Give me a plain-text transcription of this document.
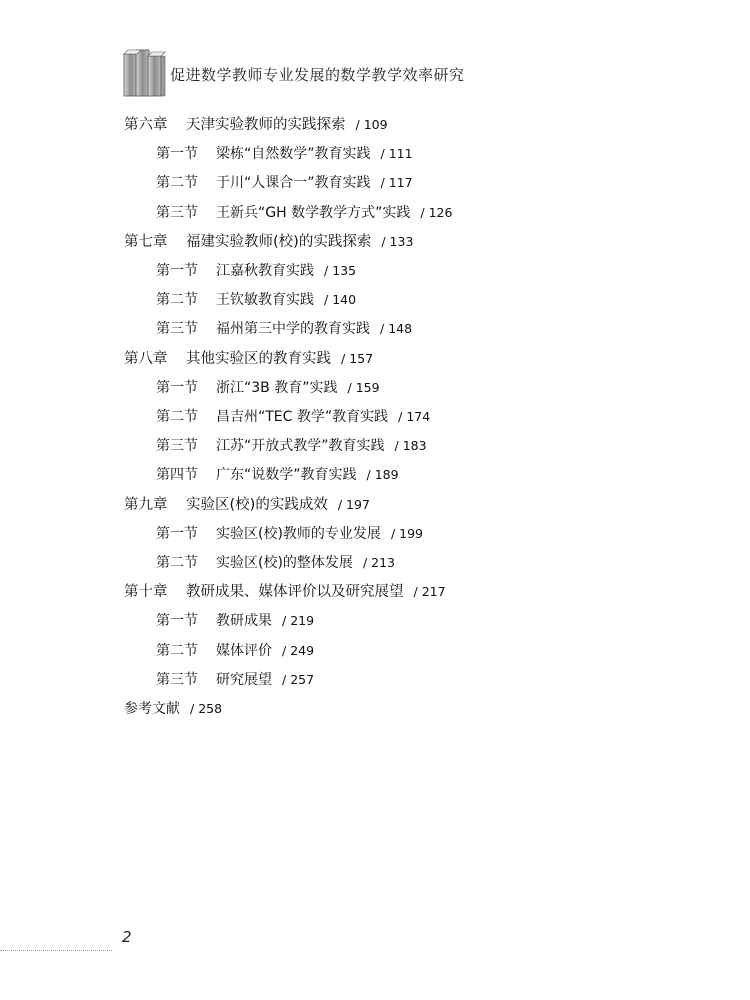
促进数学教师专业发展的数学教学效率研究
第六章 天津实验教师的实践探索 / 109
第一节 梁栋“自然数学”教育实践 / 111
第二节 于川“人课合一”教育实践 / 117
第三节 王新兵“GH 数学教学方式”实践 / 126
第七章 福建实验教师(校)的实践探索 / 133
第一节 江嘉秋教育实践 / 135
第二节 王钦敏教育实践 / 140
第三节 福州第三中学的教育实践 / 148
第八章 其他实验区的教育实践 / 157
第一节 浙江“3B 教育”实践 / 159
第二节 昌吉州“TEC 教学”教育实践 / 174
第三节 江苏“开放式教学”教育实践 / 183
第四节 广东“说数学”教育实践 / 189
第九章 实验区(校)的实践成效 / 197
第一节 实验区(校)教师的专业发展 / 199
第二节 实验区(校)的整体发展 / 213
第十章 教研成果、媒体评价以及研究展望 / 217
第一节 教研成果 / 219
第二节 媒体评价 / 249
第三节 研究展望 / 257
参考文献 / 258
2
